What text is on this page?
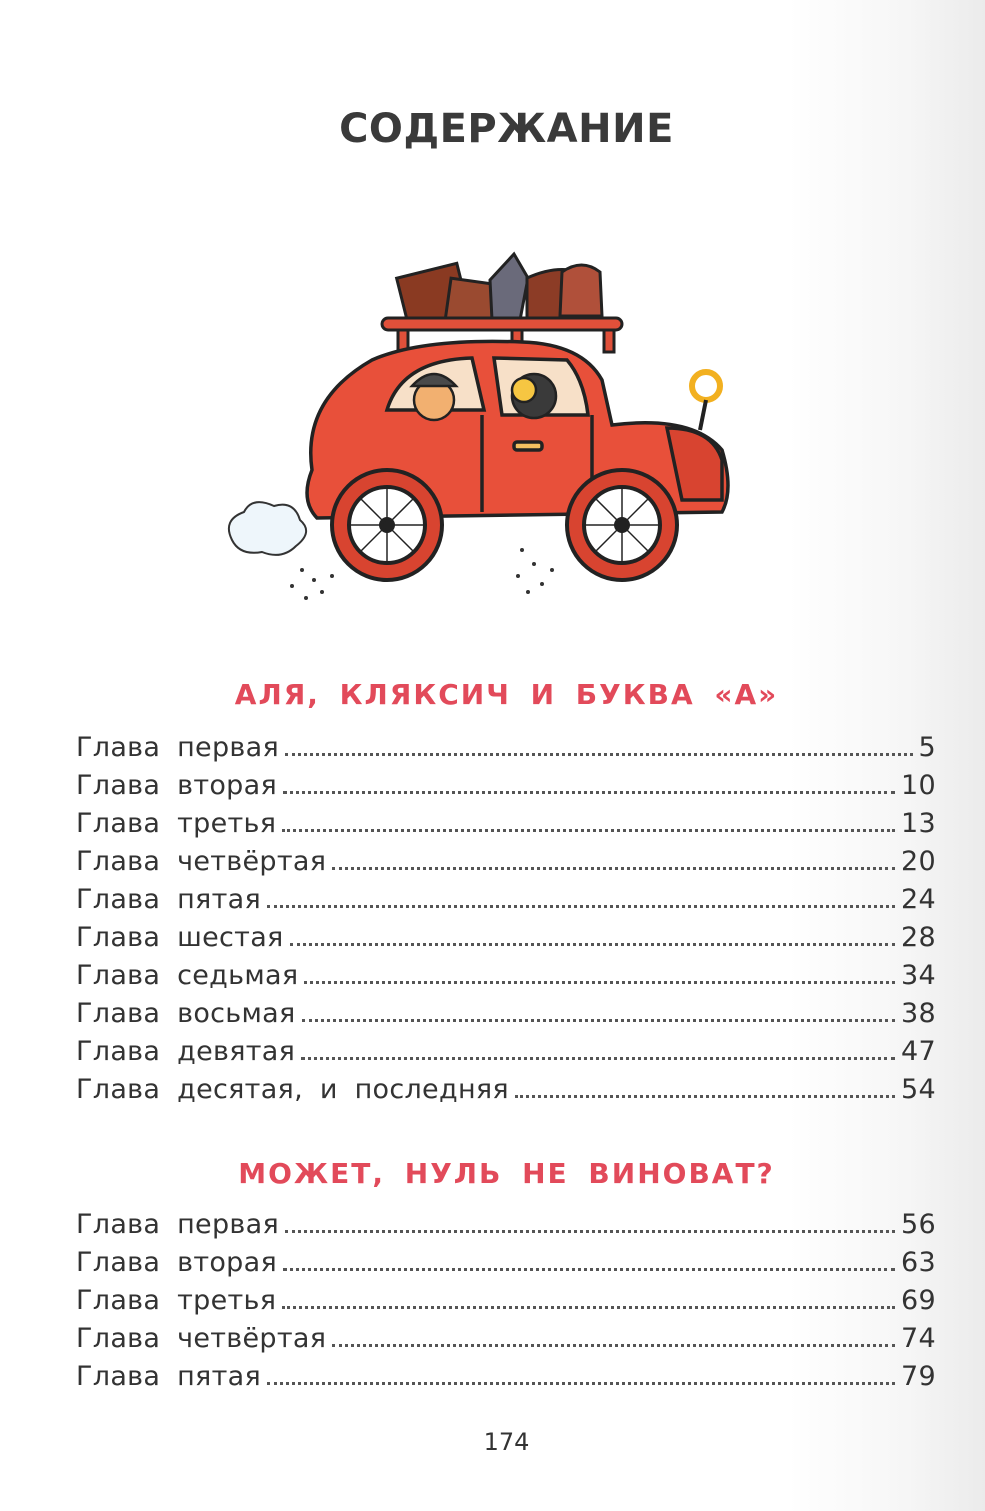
СОДЕРЖАНИЕ
АЛЯ, КЛЯКСИЧ И БУКВА «А»
Глава первая	5
Глава вторая	10
Глава третья	13
Глава четвёртая	20
Глава пятая	24
Глава шестая	28
Глава седьмая	34
Глава восьмая	38
Глава девятая	47
Глава десятая, и последняя	54
МОЖЕТ, НУЛЬ НЕ ВИНОВАТ?
Глава первая	56
Глава вторая	63
Глава третья	69
Глава четвёртая	74
Глава пятая	79
174
